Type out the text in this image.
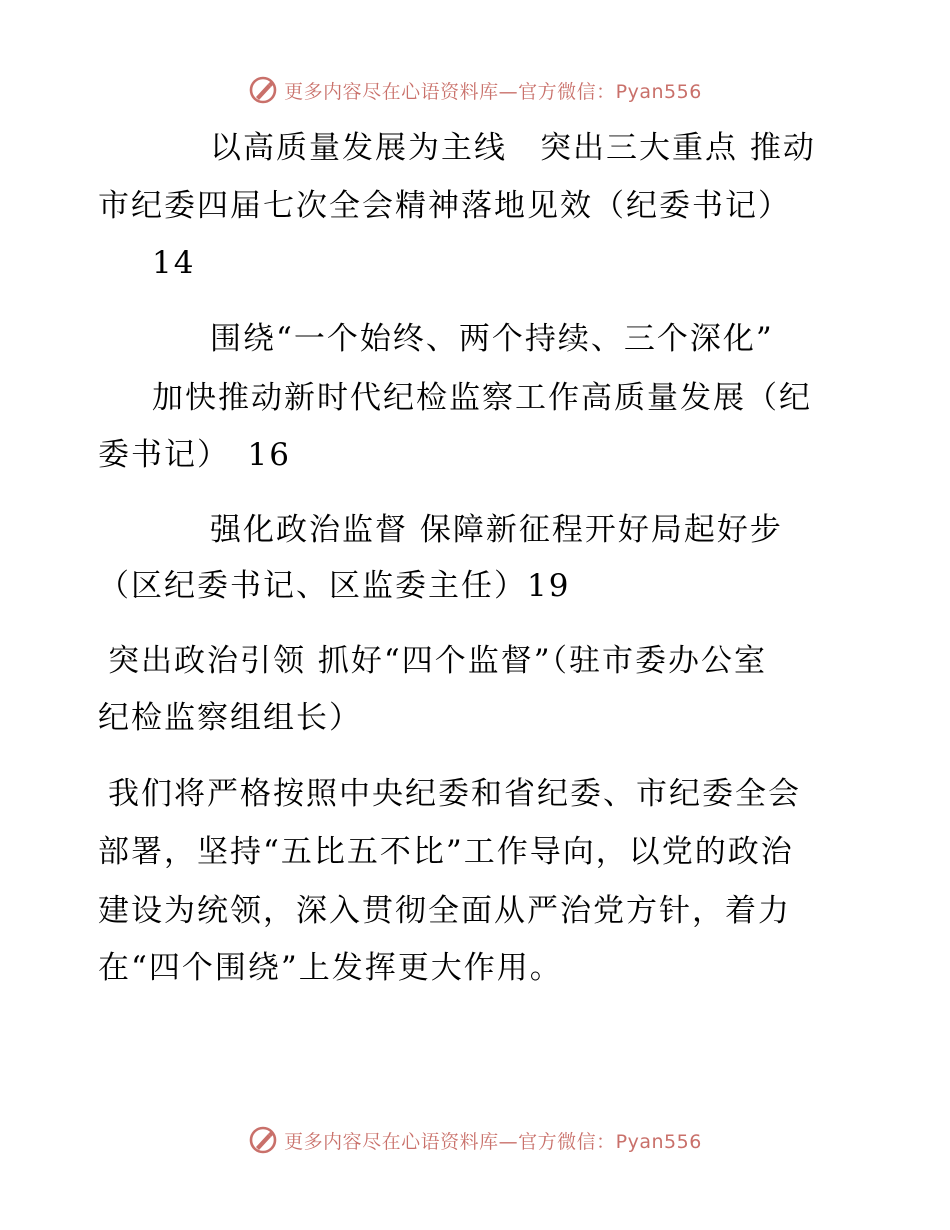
更多内容尽在心语资料库—官方微信：Pyan556
以高质量发展为主线　突出三大重点 推动
市纪委四届七次全会精神落地见效（纪委书记）
14
围绕“一个始终、两个持续、三个深化”
加快推动新时代纪检监察工作高质量发展（纪
委书记）　16
强化政治监督 保障新征程开好局起好步
（区纪委书记、区监委主任）19
突出政治引领 抓好“四个监督”（驻市委办公室
纪检监察组组长）
我们将严格按照中央纪委和省纪委、市纪委全会
部署，坚持“五比五不比”工作导向，以党的政治
建设为统领，深入贯彻全面从严治党方针，着力
在“四个围绕”上发挥更大作用。
更多内容尽在心语资料库—官方微信：Pyan556
